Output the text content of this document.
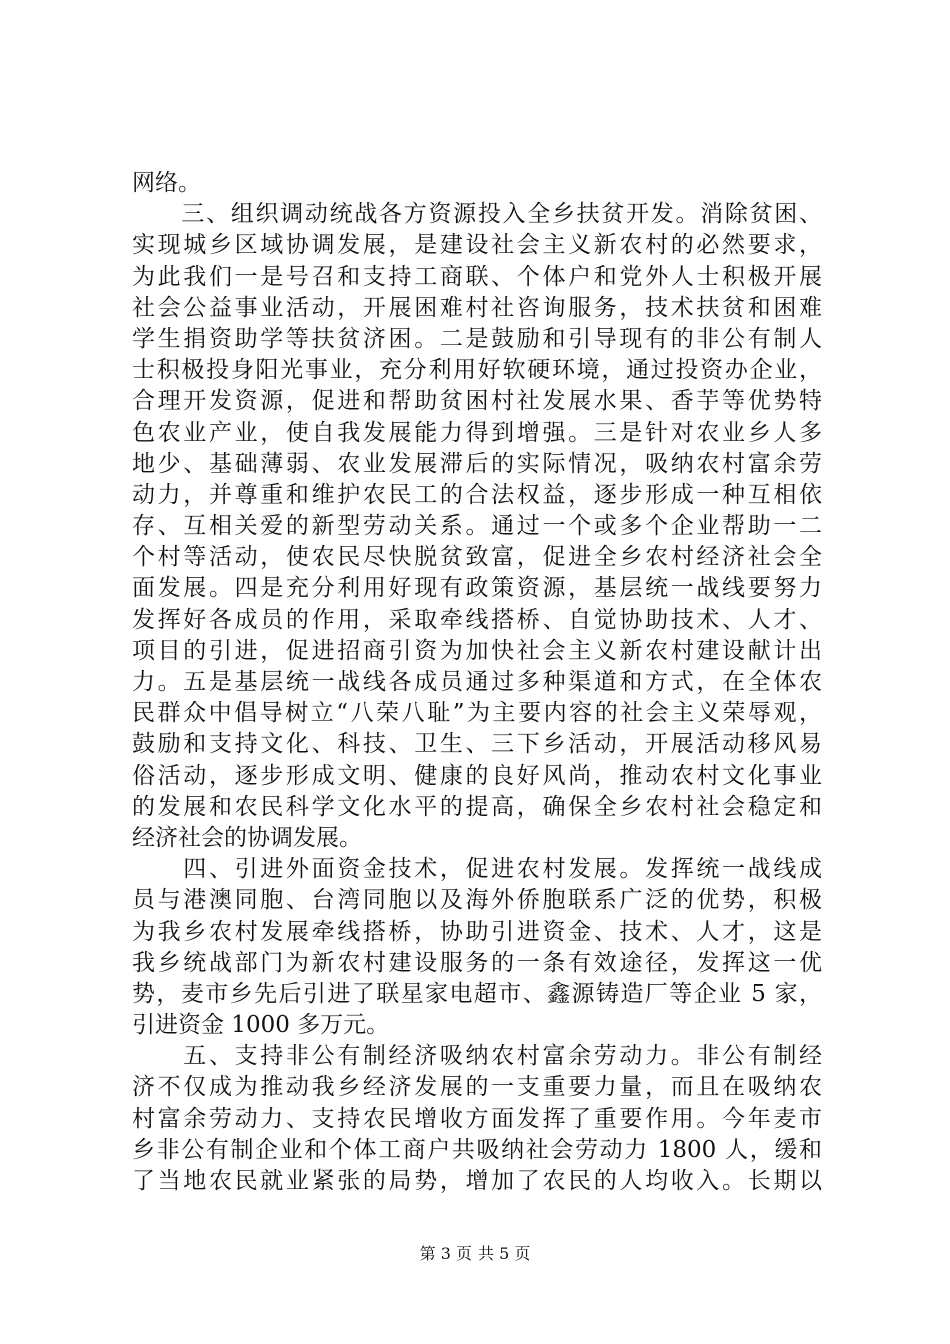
网络。
　　三、组织调动统战各方资源投入全乡扶贫开发。消除贫困、
实现城乡区域协调发展，是建设社会主义新农村的必然要求，
为此我们一是号召和支持工商联、个体户和党外人士积极开展
社会公益事业活动，开展困难村社咨询服务，技术扶贫和困难
学生捐资助学等扶贫济困。二是鼓励和引导现有的非公有制人
士积极投身阳光事业，充分利用好软硬环境，通过投资办企业，
合理开发资源，促进和帮助贫困村社发展水果、香芋等优势特
色农业产业，使自我发展能力得到增强。三是针对农业乡人多
地少、基础薄弱、农业发展滞后的实际情况，吸纳农村富余劳
动力，并尊重和维护农民工的合法权益，逐步形成一种互相依
存、互相关爱的新型劳动关系。通过一个或多个企业帮助一二
个村等活动，使农民尽快脱贫致富，促进全乡农村经济社会全
面发展。四是充分利用好现有政策资源，基层统一战线要努力
发挥好各成员的作用，采取牵线搭桥、自觉协助技术、人才、
项目的引进，促进招商引资为加快社会主义新农村建设献计出
力。五是基层统一战线各成员通过多种渠道和方式，在全体农
民群众中倡导树立“八荣八耻”为主要内容的社会主义荣辱观，
鼓励和支持文化、科技、卫生、三下乡活动，开展活动移风易
俗活动，逐步形成文明、健康的良好风尚，推动农村文化事业
的发展和农民科学文化水平的提高，确保全乡农村社会稳定和
经济社会的协调发展。
　　四、引进外面资金技术，促进农村发展。发挥统一战线成
员与港澳同胞、台湾同胞以及海外侨胞联系广泛的优势，积极
为我乡农村发展牵线搭桥，协助引进资金、技术、人才，这是
我乡统战部门为新农村建设服务的一条有效途径，发挥这一优
势，麦市乡先后引进了联星家电超市、鑫源铸造厂等企业 5 家，
引进资金 1000 多万元。
　　五、支持非公有制经济吸纳农村富余劳动力。非公有制经
济不仅成为推动我乡经济发展的一支重要力量，而且在吸纳农
村富余劳动力、支持农民增收方面发挥了重要作用。今年麦市
乡非公有制企业和个体工商户共吸纳社会劳动力 1800 人，缓和
了当地农民就业紧张的局势，增加了农民的人均收入。长期以
第 3 页 共 5 页
